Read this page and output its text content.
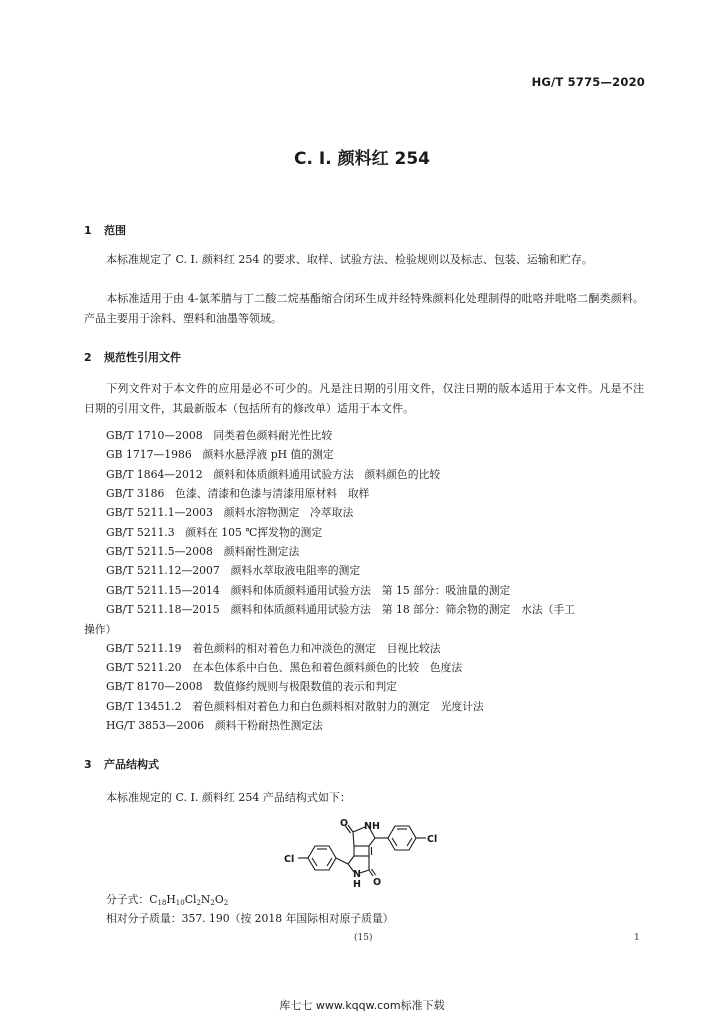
HG/T 5775—2020
C. I. 颜料红 254
1 范围
本标准规定了 C. I. 颜料红 254 的要求、取样、试验方法、检验规则以及标志、包装、运输和贮存。
本标准适用于由 4-氯苯腈与丁二酸二烷基酯缩合闭环生成并经特殊颜料化处理制得的吡咯并吡咯二酮类颜料。产品主要用于涂料、塑料和油墨等领域。
2 规范性引用文件
下列文件对于本文件的应用是必不可少的。凡是注日期的引用文件，仅注日期的版本适用于本文件。凡是不注日期的引用文件，其最新版本（包括所有的修改单）适用于本文件。
GB/T 1710—2008　 同类着色颜料耐光性比较
GB 1717—1986　 颜料水悬浮液 pH 值的测定
GB/T 1864—2012　 颜料和体质颜料通用试验方法　颜料颜色的比较
GB/T 3186　 色漆、清漆和色漆与清漆用原材料　取样
GB/T 5211.1—2003　 颜料水溶物测定　冷萃取法
GB/T 5211.3　 颜料在 105 ℃挥发物的测定
GB/T 5211.5—2008　 颜料耐性测定法
GB/T 5211.12—2007　 颜料水萃取液电阻率的测定
GB/T 5211.15—2014　 颜料和体质颜料通用试验方法　第 15 部分：吸油量的测定
GB/T 5211.18—2015　 颜料和体质颜料通用试验方法　第 18 部分：筛余物的测定　水法（手工
操作）
GB/T 5211.19　 着色颜料的相对着色力和冲淡色的测定　目视比较法
GB/T 5211.20　 在本色体系中白色、黑色和着色颜料颜色的比较　色度法
GB/T 8170—2008　 数值修约规则与极限数值的表示和判定
GB/T 13451.2　 着色颜料相对着色力和白色颜料相对散射力的测定　光度计法
HG/T 3853—2006　 颜料干粉耐热性测定法
3 产品结构式
本标准规定的 C. I. 颜料红 254 产品结构式如下：
O NH
Cl
Cl
N
H O
分子式：$C_{18}H_{10}Cl_2N_2O_2$
相对分子质量：357. 190（按 2018 年国际相对原子质量）
(15)	1
库七七 www.kqqw.com标准下载
